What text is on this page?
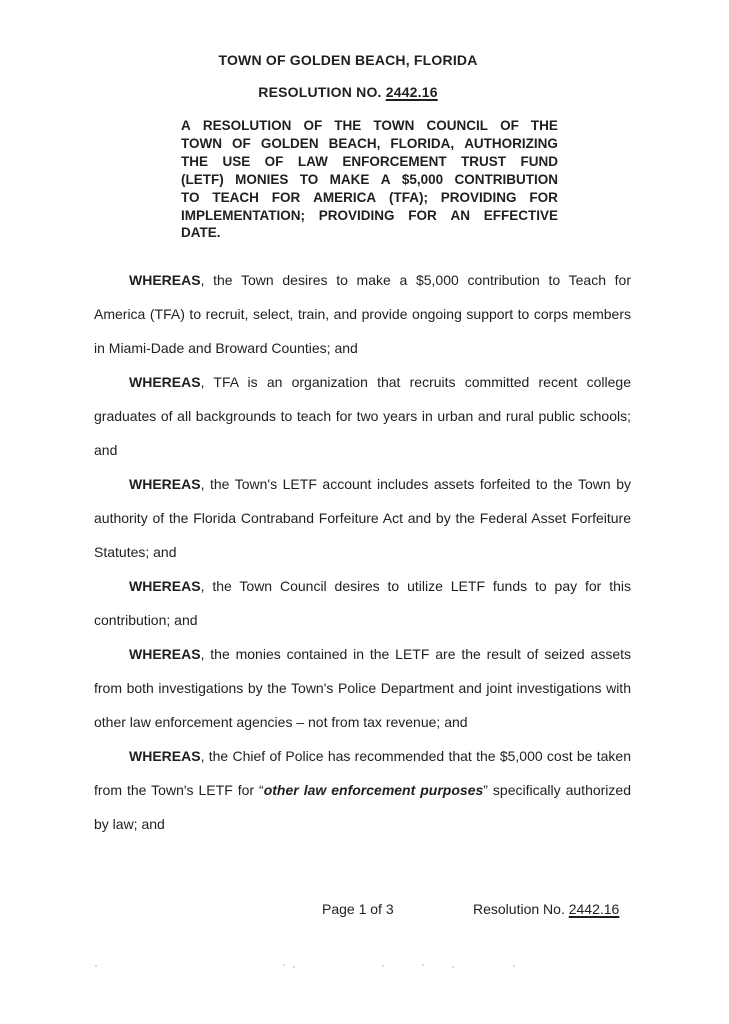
TOWN OF GOLDEN BEACH, FLORIDA
RESOLUTION NO. 2442.16
A RESOLUTION OF THE TOWN COUNCIL OF THE
TOWN OF GOLDEN BEACH, FLORIDA, AUTHORIZING
THE USE OF LAW ENFORCEMENT TRUST FUND
(LETF) MONIES TO MAKE A $5,000 CONTRIBUTION
TO TEACH FOR AMERICA (TFA); PROVIDING FOR
IMPLEMENTATION; PROVIDING FOR AN EFFECTIVE
DATE.

WHEREAS, the Town desires to make a $5,000 contribution to Teach for America (TFA) to recruit, select, train, and provide ongoing support to corps members in Miami-Dade and Broward Counties; and

WHEREAS, TFA is an organization that recruits committed recent college graduates of all backgrounds to teach for two years in urban and rural public schools; and

WHEREAS, the Town's LETF account includes assets forfeited to the Town by authority of the Florida Contraband Forfeiture Act and by the Federal Asset Forfeiture Statutes; and

WHEREAS, the Town Council desires to utilize LETF funds to pay for this contribution; and

WHEREAS, the monies contained in the LETF are the result of seized assets from both investigations by the Town's Police Department and joint investigations with other law enforcement agencies – not from tax revenue; and

WHEREAS, the Chief of Police has recommended that the $5,000 cost be taken from the Town's LETF for “other law enforcement purposes” specifically authorized by law; and

Page 1 of 3	Resolution No. 2442.16
